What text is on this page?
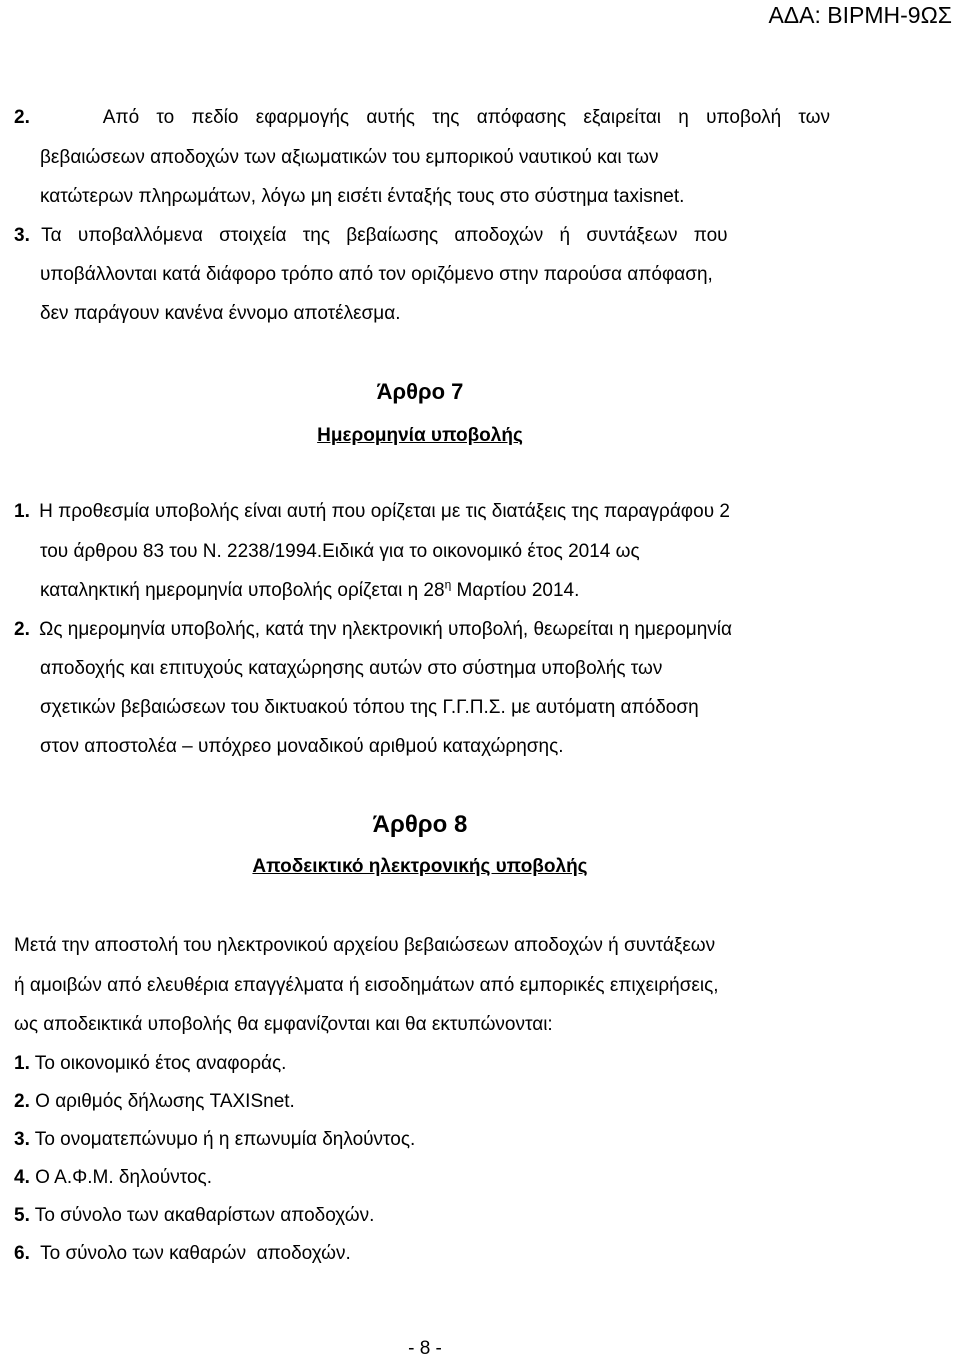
ΑΔΑ: ΒΙΡΜΗ-9ΩΣ
2.	Από το πεδίο εφαρμογής αυτής της απόφασης εξαιρείται η υποβολή των
βεβαιώσεων αποδοχών των αξιωματικών του εμπορικού ναυτικού και των
κατώτερων πληρωμάτων, λόγω μη εισέτι ένταξής τους στο σύστημα taxisnet.
3. Τα υποβαλλόμενα στοιχεία της βεβαίωσης αποδοχών ή συντάξεων που
υποβάλλονται κατά διάφορο τρόπο από τον οριζόμενο στην παρούσα απόφαση,
δεν παράγουν κανένα έννομο αποτέλεσμα.
Άρθρο 7
Ημερομηνία υποβολής
1. Η προθεσμία υποβολής είναι αυτή που ορίζεται με τις διατάξεις της παραγράφου 2
του άρθρου 83 του Ν. 2238/1994.Ειδικά για το οικονομικό έτος 2014 ως
καταληκτική ημερομηνία υποβολής ορίζεται η $28^\eta$ Μαρτίου 2014.
2. Ως ημερομηνία υποβολής, κατά την ηλεκτρονική υποβολή, θεωρείται η ημερομηνία
αποδοχής και επιτυχούς καταχώρησης αυτών στο σύστημα υποβολής των
σχετικών βεβαιώσεων του δικτυακού τόπου της Γ.Γ.Π.Σ. με αυτόματη απόδοση
στον αποστολέα – υπόχρεο μοναδικού αριθμού καταχώρησης.
Άρθρο 8
Αποδεικτικό ηλεκτρονικής υποβολής
Μετά την αποστολή του ηλεκτρονικού αρχείου βεβαιώσεων αποδοχών ή συντάξεων
ή αμοιβών από ελευθέρια επαγγέλματα ή εισοδημάτων από εμπορικές επιχειρήσεις,
ως αποδεικτικά υποβολής θα εμφανίζονται και θα εκτυπώνονται:
1. Το οικονομικό έτος αναφοράς.
2. Ο αριθμός δήλωσης TAXISnet.
3. Το ονοματεπώνυμο ή η επωνυμία δηλούντος.
4. Ο Α.Φ.Μ. δηλούντος.
5. Το σύνολο των ακαθαρίστων αποδοχών.
6.  Το σύνολο των καθαρών  αποδοχών.
- 8 -
